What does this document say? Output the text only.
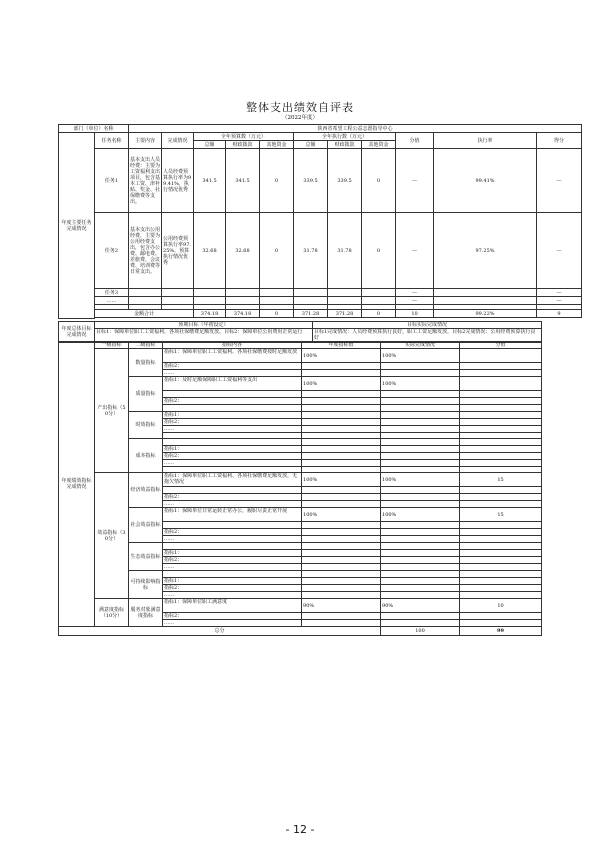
整体支出绩效自评表
（2022年度）
部门（单位）名称		陕西省希望工程公益志愿指导中心										
年度主要任务完成情况	任务名称	主要内容	完成情况	全年预算数（万元）			全年执行数（万元）			分值	执行率	得分
				总额	财政拨款	其他资金	总额	财政拨款	其他资金			
	任务1	基本支出人员经费：主要为工资福利支出项目，包含基本工资、津补贴、奖金、社保缴费等支出。	人员经费预算执行率为99.41%，执行情况优秀	341.5	341.5	0	339.5	339.5	0	—	99.41%	—
	任务2	基本支出公用经费，主要为公用经费支出，包含办公费、邮电费、差旅费、会议费、培训费等日常支出。	公用经费预算执行率97.25%，预算执行情况优秀	32.68	32.68	0	31.78	31.78	0	—	97.25%	—
	任务3									—		—
	……									—		—

	金额合计			374.18	374.18	0	371.28	371.28	0	10	99.22%	9

年度总体目标完成情况	预期目标（年初设定）	目标实际完成情况
	目标1：保障单位职工工资福利、各项社保缴费足额发放。目标2：保障单位公用费用正常运行	目标1完成情况：人员经费预算执行良好，职工工资足额发放。目标2完成情况：公用经费预算执行良好
年度绩效指标完成情况	一级指标	二级指标	指标内容	年度指标值	实际完成情况	分值	
	产出指标（50分）	数量指标	指标1：保障单位职工工资福利、各项社保缴费按时足额发放	100%	100%		
			指标2：				
			……				
		质量指标	指标1：及时足额保障职工工资福利等支出	100%	100%		

			指标2：				

		时效指标	指标1：				
			指标2：				
			……				

		成本指标					
			指标1：				
			指标2：				
			……				

	效益指标（30分）	经济效益指标	指标1：保障单位职工工资福利、各项社保缴费足额发放，无拖欠情况	100%	100%	15	

			指标2：				
			……				
		社会效益指标	指标1：保障单位日常运转正常办公，履职尽责正常开展	100%	100%	15	

			指标2：				
			……				
		生态效益指标					
			指标1：				
			指标2：				
			……				
		可持续影响指标					
			指标1：				
			指标2：				
			……				
	满意度指标（10分）	服务对象满意度指标	指标1：保障单位职工满意度	90%	90%	10	
			指标2：				
			……				
总分					100	99	
- 12 -
